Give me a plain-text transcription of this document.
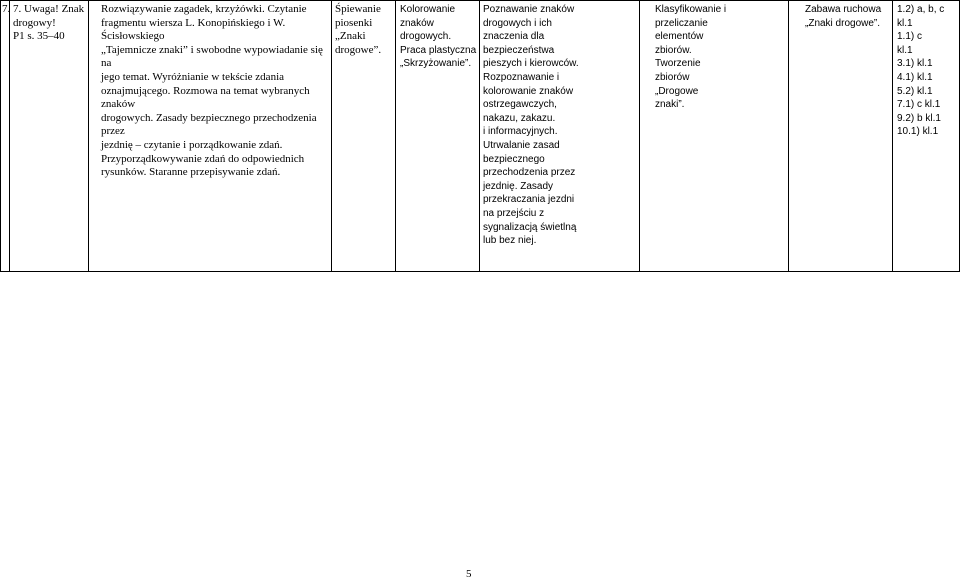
7. 7. Uwaga! Znak
drogowy!
P1 s. 35–40
Rozwiązywanie zagadek, krzyżówki. Czytanie
fragmentu wiersza L. Konopińskiego i W. Ścisłowskiego
„Tajemnicze znaki” i swobodne wypowiadanie się na
jego temat. Wyróżnianie w tekście zdania
oznajmującego. Rozmowa na temat wybranych znaków
drogowych. Zasady bezpiecznego przechodzenia przez
jezdnię – czytanie i porządkowanie zdań.
Przyporządkowywanie zdań do odpowiednich
rysunków. Staranne przepisywanie zdań.
Śpiewanie
piosenki
„Znaki
drogowe”.
Kolorowanie
znaków
drogowych.
Praca plastyczna
„Skrzyżowanie”.
Poznawanie znaków
drogowych i ich
znaczenia dla
bezpieczeństwa
pieszych i kierowców.
Rozpoznawanie i
kolorowanie znaków
ostrzegawczych,
nakazu, zakazu.
i informacyjnych.
Utrwalanie zasad
bezpiecznego
przechodzenia przez
jezdnię. Zasady
przekraczania jezdni
na przejściu z
sygnalizacją świetlną
lub bez niej.
Klasyfikowanie i
przeliczanie
elementów
zbiorów.
Tworzenie
zbiorów
„Drogowe
znaki”.
Zabawa ruchowa
„Znaki drogowe”.
1.2) a, b, c
kl.1
1.1) c
kl.1
3.1) kl.1
4.1) kl.1
5.2) kl.1
7.1) c kl.1
9.2) b kl.1
10.1) kl.1
5
